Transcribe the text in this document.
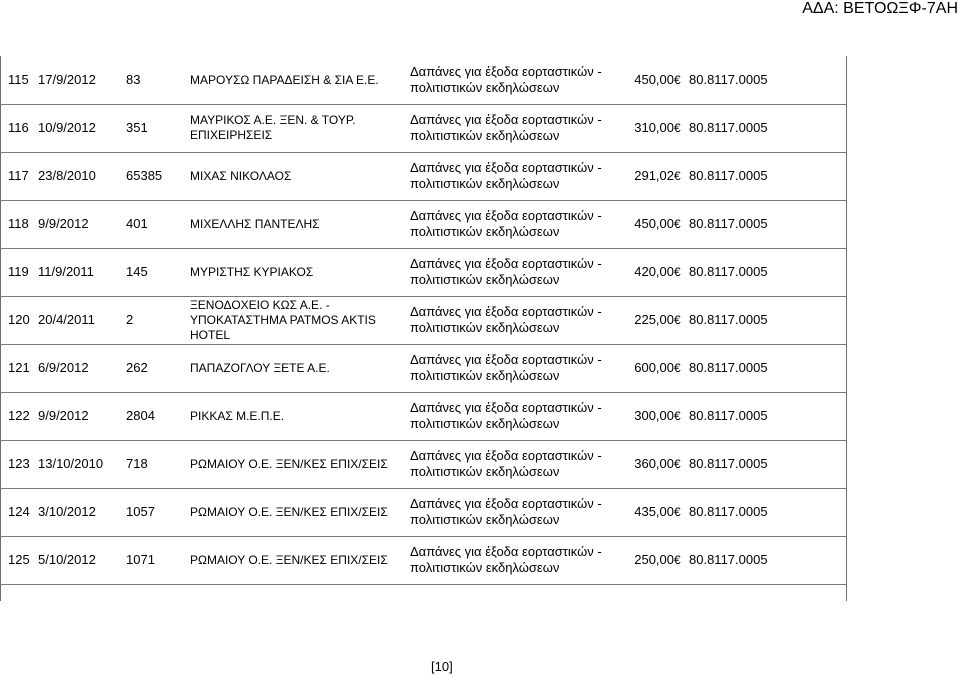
ΑΔΑ: ΒΕΤΟΩΞΦ-7ΑΗ
115 17/9/2012 83	ΜΑΡΟΥΣΩ ΠΑΡΑΔΕΙΣΗ & ΣΙΑ Ε.Ε.
Δαπάνες για έξοδα εορταστικών -
πολιτιστικών εκδηλώσεων
450,00 € 80.8117.0005
116 10/9/2012 351	ΜΑΥΡΙΚΟΣ Α.Ε. ΞΕΝ. & ΤΟΥΡ. ΕΠΙΧΕΙΡΗΣΕΙΣ
Δαπάνες για έξοδα εορταστικών -
πολιτιστικών εκδηλώσεων
310,00 € 80.8117.0005
117 23/8/2010 65385 ΜΙΧΑΣ ΝΙΚΟΛΑΟΣ
Δαπάνες για έξοδα εορταστικών -
πολιτιστικών εκδηλώσεων
291,02 € 80.8117.0005
118 9/9/2012	401	ΜΙΧΕΛΛΗΣ ΠΑΝΤΕΛΗΣ
Δαπάνες για έξοδα εορταστικών -
πολιτιστικών εκδηλώσεων
450,00 € 80.8117.0005
119 11/9/2011 145	ΜΥΡΙΣΤΗΣ ΚΥΡΙΑΚΟΣ
Δαπάνες για έξοδα εορταστικών -
πολιτιστικών εκδηλώσεων
420,00 € 80.8117.0005
120 20/4/2011 2
ΞΕΝΟΔΟΧΕΙΟ ΚΩΣ Α.Ε. - ΥΠΟΚΑΤΑΣΤΗΜΑ PATMOS AKTIS HOTEL
Δαπάνες για έξοδα εορταστικών -
πολιτιστικών εκδηλώσεων
225,00 € 80.8117.0005
121 6/9/2012	262	ΠΑΠΑΖΟΓΛΟΥ ΞΕΤΕ Α.Ε.
Δαπάνες για έξοδα εορταστικών -
πολιτιστικών εκδηλώσεων
600,00 € 80.8117.0005
122 9/9/2012	2804	ΡΙΚΚΑΣ Μ.Ε.Π.Ε.
Δαπάνες για έξοδα εορταστικών -
πολιτιστικών εκδηλώσεων
300,00 € 80.8117.0005
123 13/10/2010 718	ΡΩΜΑΙΟΥ Ο.Ε. ΞΕΝ/ΚΕΣ ΕΠΙΧ/ΣΕΙΣ
Δαπάνες για έξοδα εορταστικών -
πολιτιστικών εκδηλώσεων
360,00 € 80.8117.0005
124 3/10/2012 1057	ΡΩΜΑΙΟΥ Ο.Ε. ΞΕΝ/ΚΕΣ ΕΠΙΧ/ΣΕΙΣ
Δαπάνες για έξοδα εορταστικών -
πολιτιστικών εκδηλώσεων
435,00 € 80.8117.0005
125 5/10/2012 1071	ΡΩΜΑΙΟΥ Ο.Ε. ΞΕΝ/ΚΕΣ ΕΠΙΧ/ΣΕΙΣ
Δαπάνες για έξοδα εορταστικών -
πολιτιστικών εκδηλώσεων
250,00 € 80.8117.0005
[10]
